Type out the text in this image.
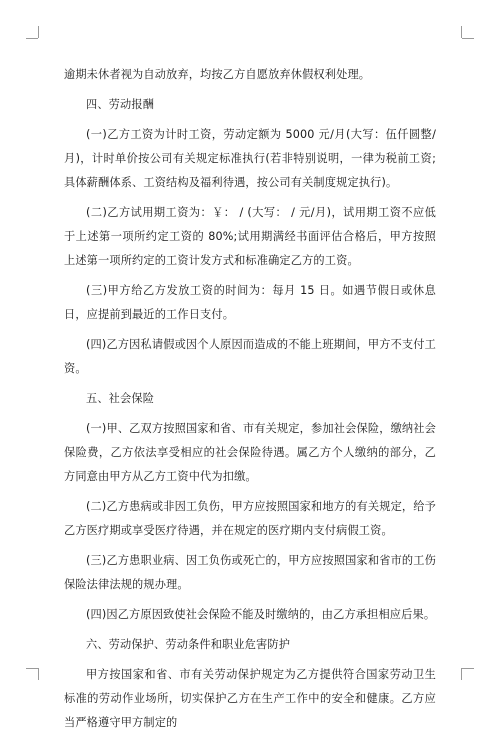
逾期未休者视为自动放弃，均按乙方自愿放弃休假权利处理。

四、劳动报酬

(一)乙方工资为计时工资，劳动定额为 5000 元/月(大写：伍仟圆整/月)，计时单价按公司有关规定标准执行(若非特别说明，一律为税前工资;具体薪酬体系、工资结构及福利待遇，按公司有关制度规定执行)。

(二)乙方试用期工资为：￥： / (大写： / 元/月)，试用期工资不应低于上述第一项所约定工资的 80%;试用期满经书面评估合格后，甲方按照上述第一项所约定的工资计发方式和标准确定乙方的工资。

(三)甲方给乙方发放工资的时间为：每月 15 日。如遇节假日或休息日，应提前到最近的工作日支付。

(四)乙方因私请假或因个人原因而造成的不能上班期间，甲方不支付工资。

五、社会保险

(一)甲、乙双方按照国家和省、市有关规定，参加社会保险，缴纳社会保险费，乙方依法享受相应的社会保险待遇。属乙方个人缴纳的部分，乙方同意由甲方从乙方工资中代为扣缴。

(二)乙方患病或非因工负伤，甲方应按照国家和地方的有关规定，给予乙方医疗期或享受医疗待遇，并在规定的医疗期内支付病假工资。

(三)乙方患职业病、因工负伤或死亡的，甲方应按照国家和省市的工伤保险法律法规的规办理。

(四)因乙方原因致使社会保险不能及时缴纳的，由乙方承担相应后果。

六、劳动保护、劳动条件和职业危害防护

甲方按国家和省、市有关劳动保护规定为乙方提供符合国家劳动卫生标准的劳动作业场所，切实保护乙方在生产工作中的安全和健康。乙方应当严格遵守甲方制定的
